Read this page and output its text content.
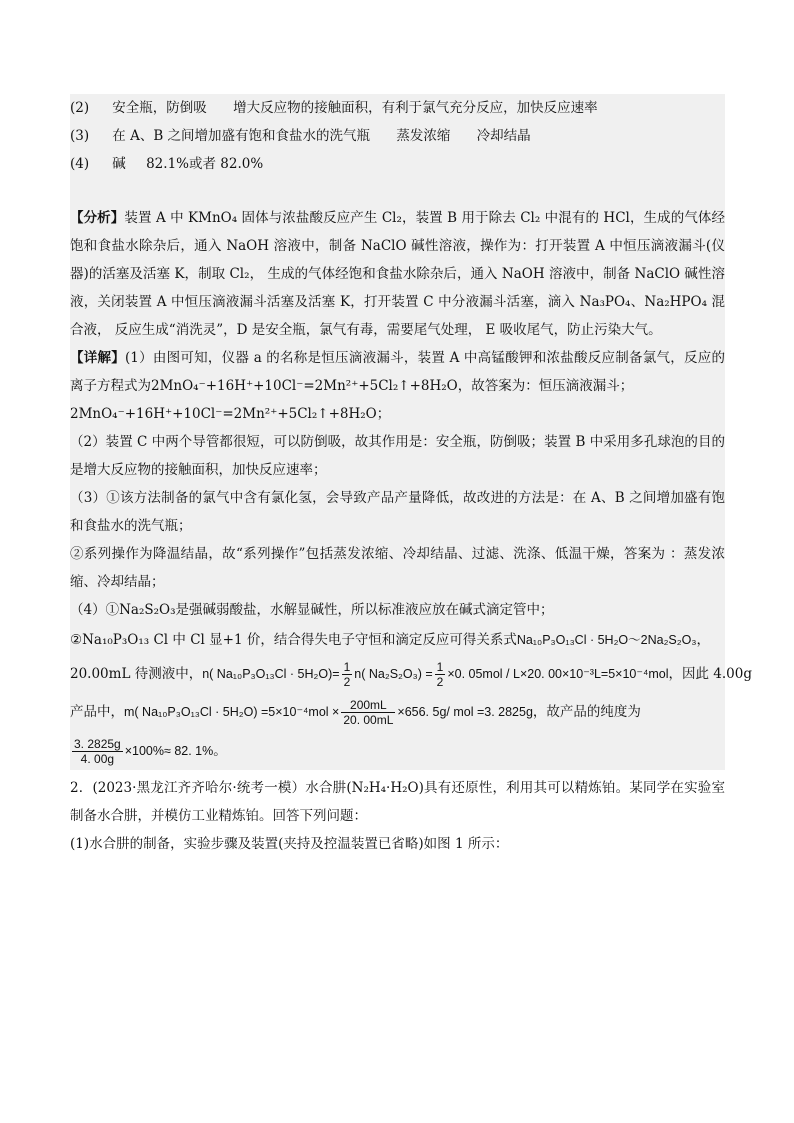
(2) 安全瓶，防倒吸 增大反应物的接触面积，有利于氯气充分反应，加快反应速率
(3) 在 A、B 之间增加盛有饱和食盐水的洗气瓶 蒸发浓缩 冷却结晶
(4) 碱 82.1%或者 82.0%
【分析】装置 A 中 KMnO₄ 固体与浓盐酸反应产生 Cl₂，装置 B 用于除去 Cl₂ 中混有的 HCl，生成的气体经饱和食盐水除杂后，通入 NaOH 溶液中，制备 NaClO 碱性溶液，操作为：打开装置 A 中恒压滴液漏斗(仪器)的活塞及活塞 K，制取 Cl₂， 生成的气体经饱和食盐水除杂后，通入 NaOH 溶液中，制备 NaClO 碱性溶液，关闭装置 A 中恒压滴液漏斗活塞及活塞 K，打开装置 C 中分液漏斗活塞，滴入 Na₃PO₄、Na₂HPO₄ 混合液， 反应生成“消洗灵”，D 是安全瓶，氯气有毒，需要尾气处理， E 吸收尾气，防止污染大气。
【详解】(1）由图可知，仪器 a 的名称是恒压滴液漏斗，装置 A 中高锰酸钾和浓盐酸反应制备氯气，反应的离子方程式为2MnO₄⁻+16H⁺+10Cl⁻=2Mn²⁺+5Cl₂↑+8H₂O，故答案为：恒压滴液漏斗；
2MnO₄⁻+16H⁺+10Cl⁻=2Mn²⁺+5Cl₂↑+8H₂O；
（2）装置 C 中两个导管都很短，可以防倒吸，故其作用是：安全瓶，防倒吸；装置 B 中采用多孔球泡的目的是增大反应物的接触面积，加快反应速率；
（3）①该方法制备的氯气中含有氯化氢，会导致产品产量降低，故改进的方法是：在 A、B 之间增加盛有饱和食盐水的洗气瓶；
②系列操作为降温结晶，故“系列操作”包括蒸发浓缩、冷却结晶、过滤、洗涤、低温干燥，答案为 ：蒸发浓缩、冷却结晶；
（4）①Na₂S₂O₃是强碱弱酸盐，水解显碱性，所以标准液应放在碱式滴定管中；
②Na₁₀P₃O₁₃ Cl 中 Cl 显+1 价，结合得失电子守恒和滴定反应可得关系式Na₁₀P₃O₁₃Cl · 5H₂O～2Na₂S₂O₃，
20.00mL 待测液中，n( $Na_{10}P_3O_{13}Cl \cdot 5H_2O)= \frac{1}{2} n$( $Na_2S_2O_3) = \frac{1}{2} \times 0$. 05mol / L×20. 00×10⁻³L=5×10⁻⁴mol，因此 4.00g
产品中，m( $Na_{10}P_3O_{13}Cl \cdot 5H_2O) =5\times 10^{-4}mol \times \frac{200mL}{20. 00mL} \times 656$. 5g/ mol =3. 2825g，故产品的纯度为
$\frac{3. 2825g}{4. 00g} \times 100\%\approx 82$. 1%。
2．(2023·黑龙江齐齐哈尔·统考一模）水合肼(N₂H₄·H₂O)具有还原性，利用其可以精炼铂。某同学在实验室制备水合肼，并模仿工业精炼铂。回答下列问题：
(1)水合肼的制备，实验步骤及装置(夹持及控温装置已省略)如图 1 所示：
